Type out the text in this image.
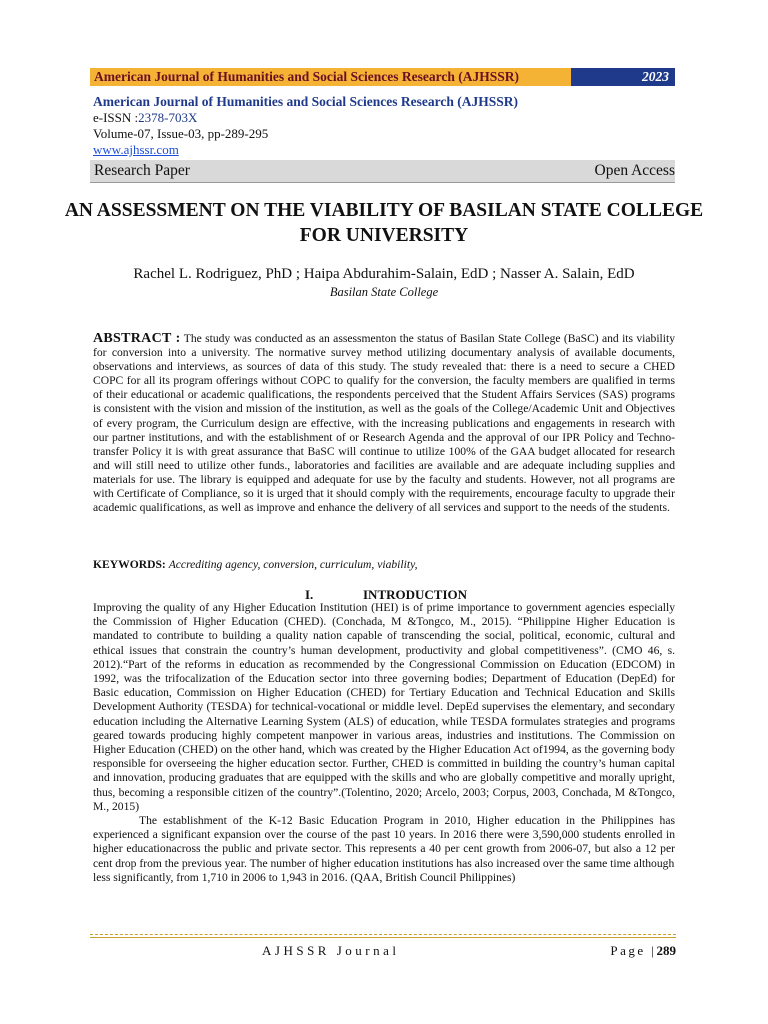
American Journal of Humanities and Social Sciences Research (AJHSSR)	2023
American Journal of Humanities and Social Sciences Research (AJHSSR)
e-ISSN :2378-703X
Volume-07, Issue-03, pp-289-295
www.ajhssr.com
Research Paper	Open Access
AN ASSESSMENT ON THE VIABILITY OF BASILAN STATE COLLEGE FOR UNIVERSITY
Rachel L. Rodriguez, PhD ; Haipa Abdurahim-Salain, EdD ; Nasser A. Salain, EdD
Basilan State College
ABSTRACT : The study was conducted as an assessmenton the status of Basilan State College (BaSC) and its viability for conversion into a university. The normative survey method utilizing documentary analysis of available documents, observations and interviews, as sources of data of this study. The study revealed that: there is a need to secure a CHED COPC for all its program offerings without COPC to qualify for the conversion, the faculty members are qualified in terms of their educational or academic qualifications, the respondents perceived that the Student Affairs Services (SAS) programs is consistent with the vision and mission of the institution, as well as the goals of the College/Academic Unit and Objectives of every program, the Curriculum design are effective, with the increasing publications and engagements in research with our partner institutions, and with the establishment of or Research Agenda and the approval of our IPR Policy and Techno-transfer Policy it is with great assurance that BaSC will continue to utilize 100% of the GAA budget allocated for research and will still need to utilize other funds., laboratories and facilities are available and are adequate including supplies and materials for use. The library is equipped and adequate for use by the faculty and students. However, not all programs are with Certificate of Compliance, so it is urged that it should comply with the requirements, encourage faculty to upgrade their academic qualifications, as well as improve and enhance the delivery of all services and support to the needs of the students.
KEYWORDS: Accrediting agency, conversion, curriculum, viability,
I.	INTRODUCTION

Improving the quality of any Higher Education Institution (HEI) is of prime importance to government agencies especially the Commission of Higher Education (CHED). (Conchada, M &Tongco, M., 2015). “Philippine Higher Education is mandated to contribute to building a quality nation capable of transcending the social, political, economic, cultural and ethical issues that constrain the country’s human development, productivity and global competitiveness”. (CMO 46, s. 2012).“Part of the reforms in education as recommended by the Congressional Commission on Education (EDCOM) in 1992, was the trifocalization of the Education sector into three governing bodies; Department of Education (DepEd) for Basic education, Commission on Higher Education (CHED) for Tertiary Education and Technical Education and Skills Development Authority (TESDA) for technical-vocational or middle level. DepEd supervises the elementary, and secondary education including the Alternative Learning System (ALS) of education, while TESDA formulates strategies and programs geared towards producing highly competent manpower in various areas, industries and institutions. The Commission on Higher Education (CHED) on the other hand, which was created by the Higher Education Act of1994, as the governing body responsible for overseeing the higher education sector. Further, CHED is committed in building the country’s human capital and innovation, producing graduates that are equipped with the skills and who are globally competitive and morally upright, thus, becoming a responsible citizen of the country”.(Tolentino, 2020; Arcelo, 2003; Corpus, 2003, Conchada, M &Tongco, M., 2015)

The establishment of the K-12 Basic Education Program in 2010, Higher education in the Philippines has experienced a significant expansion over the course of the past 10 years. In 2016 there were 3,590,000 students enrolled in higher educationacross the public and private sector. This represents a 40 per cent growth from 2006-07, but also a 12 per cent drop from the previous year. The number of higher education institutions has also increased over the same time although

less significantly, from 1,710 in 2006 to 1,943 in 2016. (QAA, British Council Philippines)

AJHSSR Journal	Page |289
